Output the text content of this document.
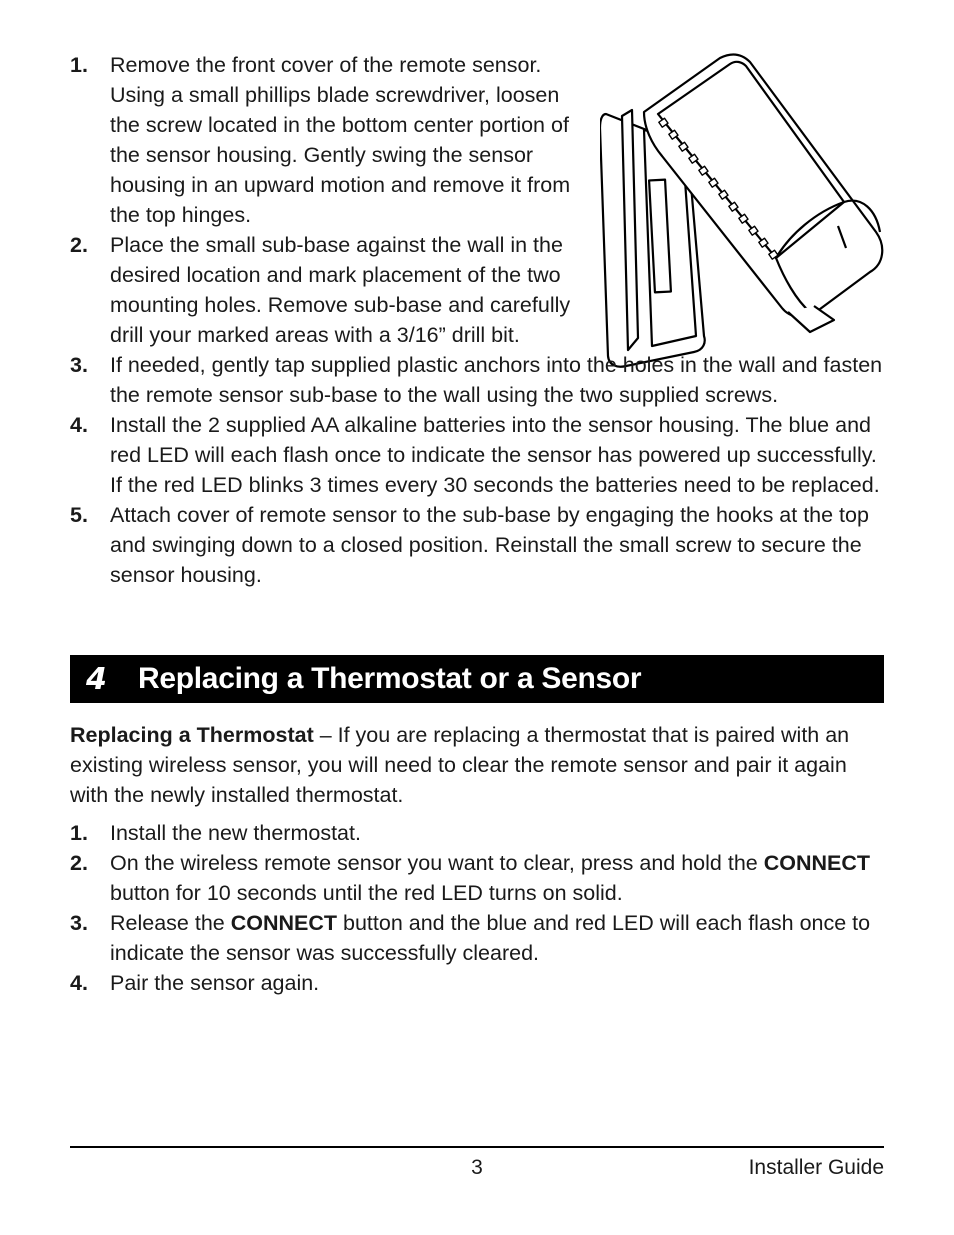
1. Remove the front cover of the remote sensor. Using a small phillips blade screwdriver, loosen the screw located in the bottom center portion of the sensor housing. Gently swing the sensor housing in an upward motion and remove it from the top hinges.
2. Place the small sub-base against the wall in the desired location and mark placement of the two mounting holes. Remove sub-base and carefully drill your marked areas with a 3/16” drill bit.
3. If needed, gently tap supplied plastic anchors into the holes in the wall and fasten the remote sensor sub-base to the wall using the two supplied screws.
4. Install the 2 supplied AA alkaline batteries into the sensor housing. The blue and red LED will each flash once to indicate the sensor has powered up successfully. If the red LED blinks 3 times every 30 seconds the batteries need to be replaced.
5. Attach cover of remote sensor to the sub-base by engaging the hooks at the top and swinging down to a closed position. Reinstall the small screw to secure the sensor housing.
4	Replacing a Thermostat or a Sensor

Replacing a Thermostat – If you are replacing a thermostat that is paired with an existing wireless sensor, you will need to clear the remote sensor and pair it again with the newly installed thermostat.

1. Install the new thermostat.
2. On the wireless remote sensor you want to clear, press and hold the CONNECT button for 10 seconds until the red LED turns on solid.
3. Release the CONNECT button and the blue and red LED will each flash once to indicate the sensor was successfully cleared.
4. Pair the sensor again.
3	Installer Guide
